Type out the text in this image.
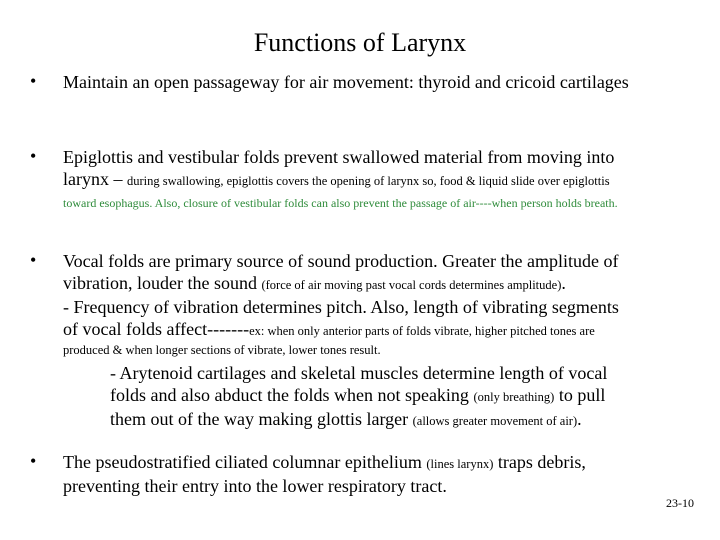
Functions of Larynx
• Maintain an open passageway for air movement: thyroid and cricoid cartilages
• Epiglottis and vestibular folds prevent swallowed material from moving into
larynx – during swallowing, epiglottis covers the opening of larynx so, food & liquid slide over epiglottis
toward esophagus. Also, closure of vestibular folds can also prevent the passage of air----when person holds breath.
• Vocal folds are primary source of sound production. Greater the amplitude of
vibration, louder the sound (force of air moving past vocal cords determines amplitude).
- Frequency of vibration determines pitch. Also, length of vibrating segments
of vocal folds affect-------ex: when only anterior parts of folds vibrate, higher pitched tones are
produced & when longer sections of vibrate, lower tones result.
- Arytenoid cartilages and skeletal muscles determine length of vocal
folds and also abduct the folds when not speaking (only breathing) to pull
them out of the way making glottis larger (allows greater movement of air).
• The pseudostratified ciliated columnar epithelium (lines larynx) traps debris,
preventing their entry into the lower respiratory tract.
23-10
